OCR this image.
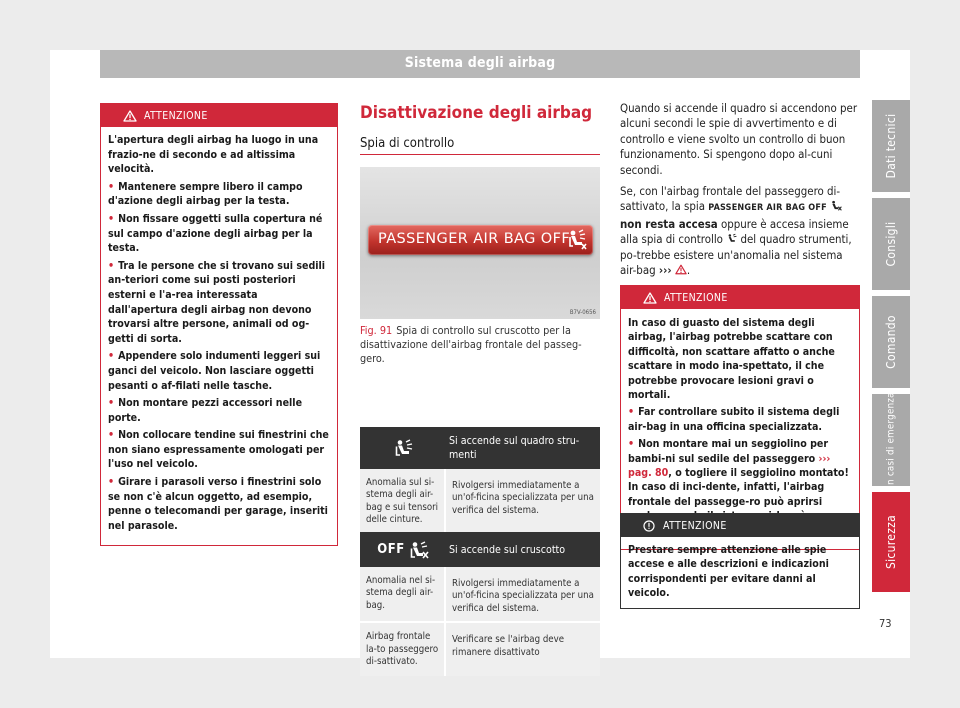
Sistema degli airbag
ATTENZIONE

L'apertura degli airbag ha luogo in una frazio-ne di secondo e ad altissima velocità.

• Mantenere sempre libero il campo d'azione degli airbag per la testa.

• Non fissare oggetti sulla copertura né sul campo d'azione degli airbag per la testa.

• Tra le persone che si trovano sui sedili an-teriori come sui posti posteriori esterni e l'a-rea interessata dall'apertura degli airbag non devono trovarsi altre persone, animali od og-getti di sorta.

• Appendere solo indumenti leggeri sui ganci del veicolo. Non lasciare oggetti pesanti o af-filati nelle tasche.

• Non montare pezzi accessori nelle porte.

• Non collocare tendine sui finestrini che non siano espressamente omologati per l'uso nel veicolo.

• Girare i parasoli verso i finestrini solo se non c'è alcun oggetto, ad esempio, penne o telecomandi per garage, inseriti nel parasole.

Disattivazione degli airbag
Spia di controllo
PASSENGER AIR BAG OFF
B7V-0656
Fig. 91 Spia di controllo sul cruscotto per la disattivazione dell'airbag frontale del passeg-gero.
Si accende sul quadro stru-menti
Anomalia sul si-stema degli air-bag e sui tensori delle cinture.
Rivolgersi immediatamente a un'of-ficina specializzata per una verifica del sistema.
OFF	Si accende sul cruscotto
Anomalia nel si-stema degli air-bag.
Rivolgersi immediatamente a un'of-ficina specializzata per una verifica del sistema.
Airbag frontale la-to passeggero di-sattivato.
Verificare se l'airbag deve rimanere disattivato

Quando si accende il quadro si accendono per alcuni secondi le spie di avvertimento e di controllo e viene svolto un controllo di buon funzionamento. Si spengono dopo al-cuni secondi.

Se, con l'airbag frontale del passeggero di-sattivato, la spia PASSENGER AIR BAG OFF  non resta accesa oppure è accesa insieme alla spia di controllo del quadro strumenti, po-trebbe esistere un'anomalia nel sistema air-bag ››› .

ATTENZIONE

In caso di guasto del sistema degli airbag, l'airbag potrebbe scattare con difficoltà, non scattare affatto o anche scattare in modo ina-spettato, il che potrebbe provocare lesioni gravi o mortali.

• Far controllare subito il sistema degli air-bag in una officina specializzata.

• Non montare mai un seggiolino per bambi-ni sul sedile del passeggero ››› pag. 80, o togliere il seggiolino montato! In caso di inci-dente, infatti, l'airbag frontale del passegge-ro può aprirsi

ATTENZIONE
Prestare sempre attenzione alle spie accese e alle descrizioni e indicazioni corrispondenti per evitare danni al veicolo.
Dati tecnici
Consigli
Comando
In casi di emergenza
Sicurezza
73
